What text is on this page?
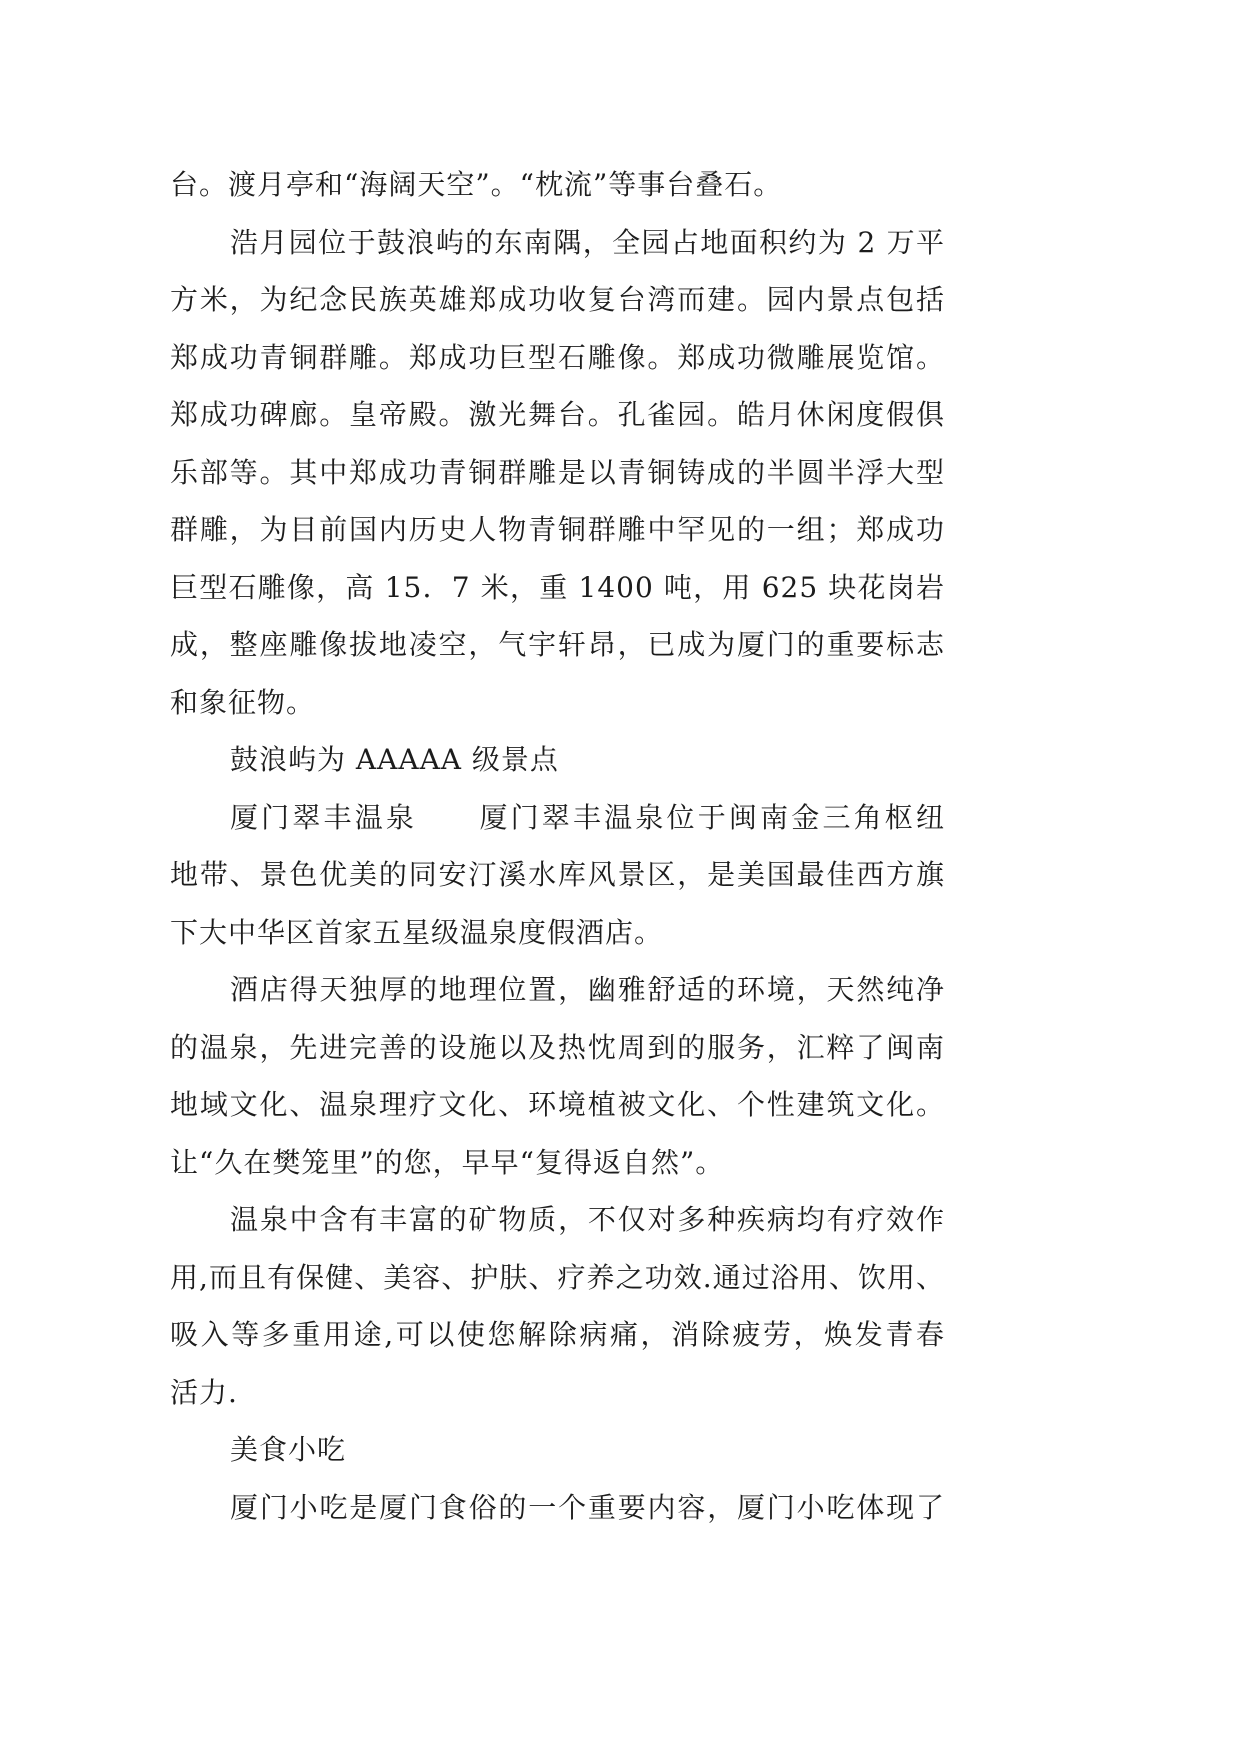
台。渡月亭和“海阔天空”。“枕流”等事台叠石。
浩月园位于鼓浪屿的东南隅，全园占地面积约为 2 万平
方米，为纪念民族英雄郑成功收复台湾而建。园内景点包括
郑成功青铜群雕。郑成功巨型石雕像。郑成功微雕展览馆。
郑成功碑廊。皇帝殿。激光舞台。孔雀园。皓月休闲度假俱
乐部等。其中郑成功青铜群雕是以青铜铸成的半圆半浮大型
群雕，为目前国内历史人物青铜群雕中罕见的一组；郑成功
巨型石雕像，高 15．7 米，重 1400 吨，用 625 块花岗岩
成，整座雕像拔地凌空，气宇轩昂，已成为厦门的重要标志
和象征物。
鼓浪屿为 AAAAA 级景点
厦门翠丰温泉　　厦门翠丰温泉位于闽南金三角枢纽
地带、景色优美的同安汀溪水库风景区，是美国最佳西方旗
下大中华区首家五星级温泉度假酒店。
酒店得天独厚的地理位置，幽雅舒适的环境，天然纯净
的温泉，先进完善的设施以及热忱周到的服务，汇粹了闽南
地域文化、温泉理疗文化、环境植被文化、个性建筑文化。
让“久在樊笼里”的您，早早“复得返自然”。
温泉中含有丰富的矿物质，不仅对多种疾病均有疗效作
用,而且有保健、美容、护肤、疗养之功效.通过浴用、饮用、
吸入等多重用途,可以使您解除病痛，消除疲劳，焕发青春
活力.
美食小吃
厦门小吃是厦门食俗的一个重要内容，厦门小吃体现了
